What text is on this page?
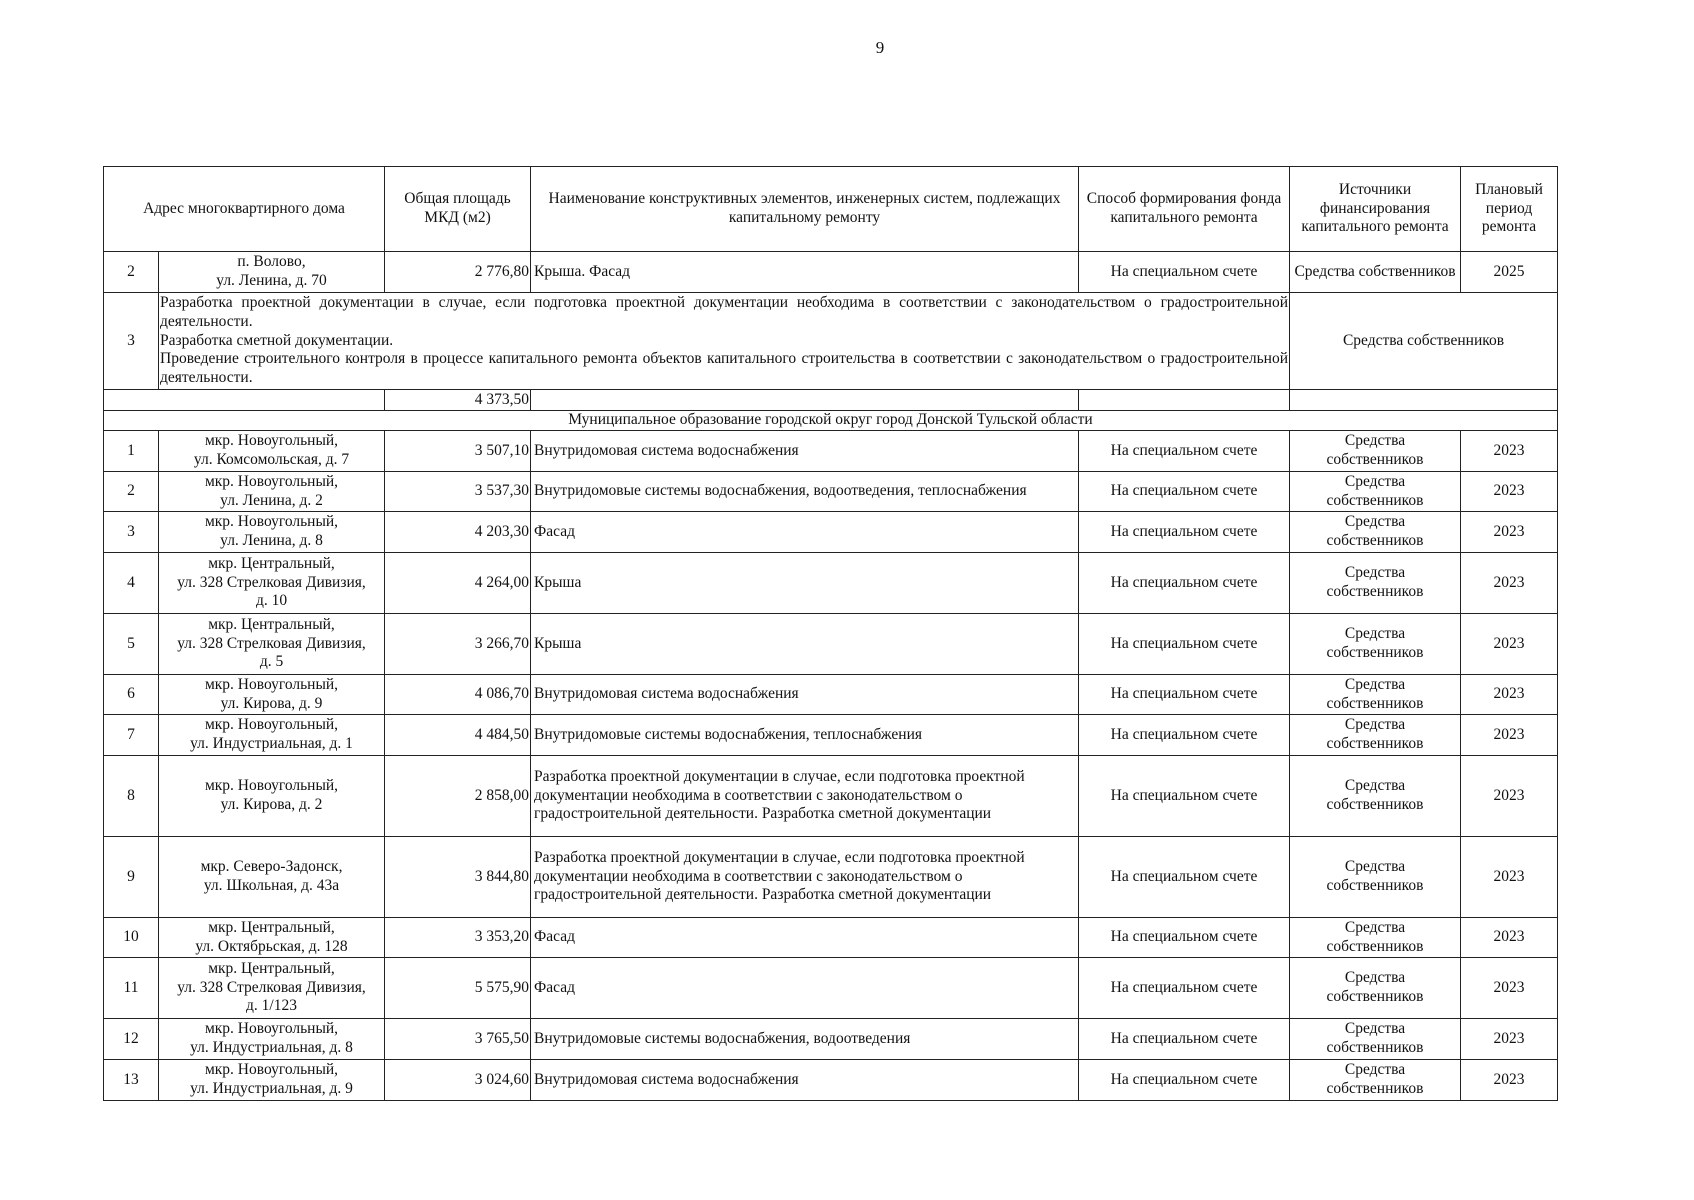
9
Адрес многоквартирного дома		Общая площадь МКД (м2)	Наименование конструктивных элементов, инженерных систем, подлежащих капитальному ремонту	Способ формирования фонда капитального ремонта	Источники финансирования капитального ремонта	Плановый период ремонта
2	п. Волово,
ул. Ленина, д. 70	2 776,80	Крыша. Фасад	На специальном счете	Средства собственников	2025
3	Разработка проектной документации в случае, если подготовка проектной документации необходима в соответствии с законодательством о градостроительной деятельности.
Разработка сметной документации.
Проведение строительного контроля в процессе капитального ремонта объектов капитального строительства в соответствии с законодательством о градостроительной деятельности.				Средства собственников	
		4 373,50				
Муниципальное образование городской округ город Донской Тульской области						
1	мкр. Новоугольный,
ул. Комсомольская, д. 7	3 507,10	Внутридомовая система водоснабжения	На специальном счете	Средства собственников	2023
2	мкр. Новоугольный,
ул. Ленина, д. 2	3 537,30	Внутридомовые системы водоснабжения, водоотведения, теплоснабжения	На специальном счете	Средства собственников	2023
3	мкр. Новоугольный,
ул. Ленина, д. 8	4 203,30	Фасад	На специальном счете	Средства собственников	2023
4	мкр. Центральный,
ул. 328 Стрелковая Дивизия,
д. 10	4 264,00	Крыша	На специальном счете	Средства собственников	2023
5	мкр. Центральный,
ул. 328 Стрелковая Дивизия,
д. 5	3 266,70	Крыша	На специальном счете	Средства собственников	2023
6	мкр. Новоугольный,
ул. Кирова, д. 9	4 086,70	Внутридомовая система водоснабжения	На специальном счете	Средства собственников	2023
7	мкр. Новоугольный,
ул. Индустриальная, д. 1	4 484,50	Внутридомовые системы водоснабжения, теплоснабжения	На специальном счете	Средства собственников	2023
8	мкр. Новоугольный,
ул. Кирова, д. 2	2 858,00	Разработка проектной документации в случае, если подготовка проектной документации необходима в соответствии с законодательством о градостроительной деятельности. Разработка сметной документации	На специальном счете	Средства собственников	2023
9	мкр. Северо-Задонск,
ул. Школьная, д. 43а	3 844,80	Разработка проектной документации в случае, если подготовка проектной документации необходима в соответствии с законодательством о градостроительной деятельности. Разработка сметной документации	На специальном счете	Средства собственников	2023
10	мкр. Центральный,
ул. Октябрьская, д. 128	3 353,20	Фасад	На специальном счете	Средства собственников	2023
11	мкр. Центральный,
ул. 328 Стрелковая Дивизия,
д. 1/123	5 575,90	Фасад	На специальном счете	Средства собственников	2023
12	мкр. Новоугольный,
ул. Индустриальная, д. 8	3 765,50	Внутридомовые системы водоснабжения, водоотведения	На специальном счете	Средства собственников	2023
13	мкр. Новоугольный,
ул. Индустриальная, д. 9	3 024,60	Внутридомовая система водоснабжения	На специальном счете	Средства собственников	2023
